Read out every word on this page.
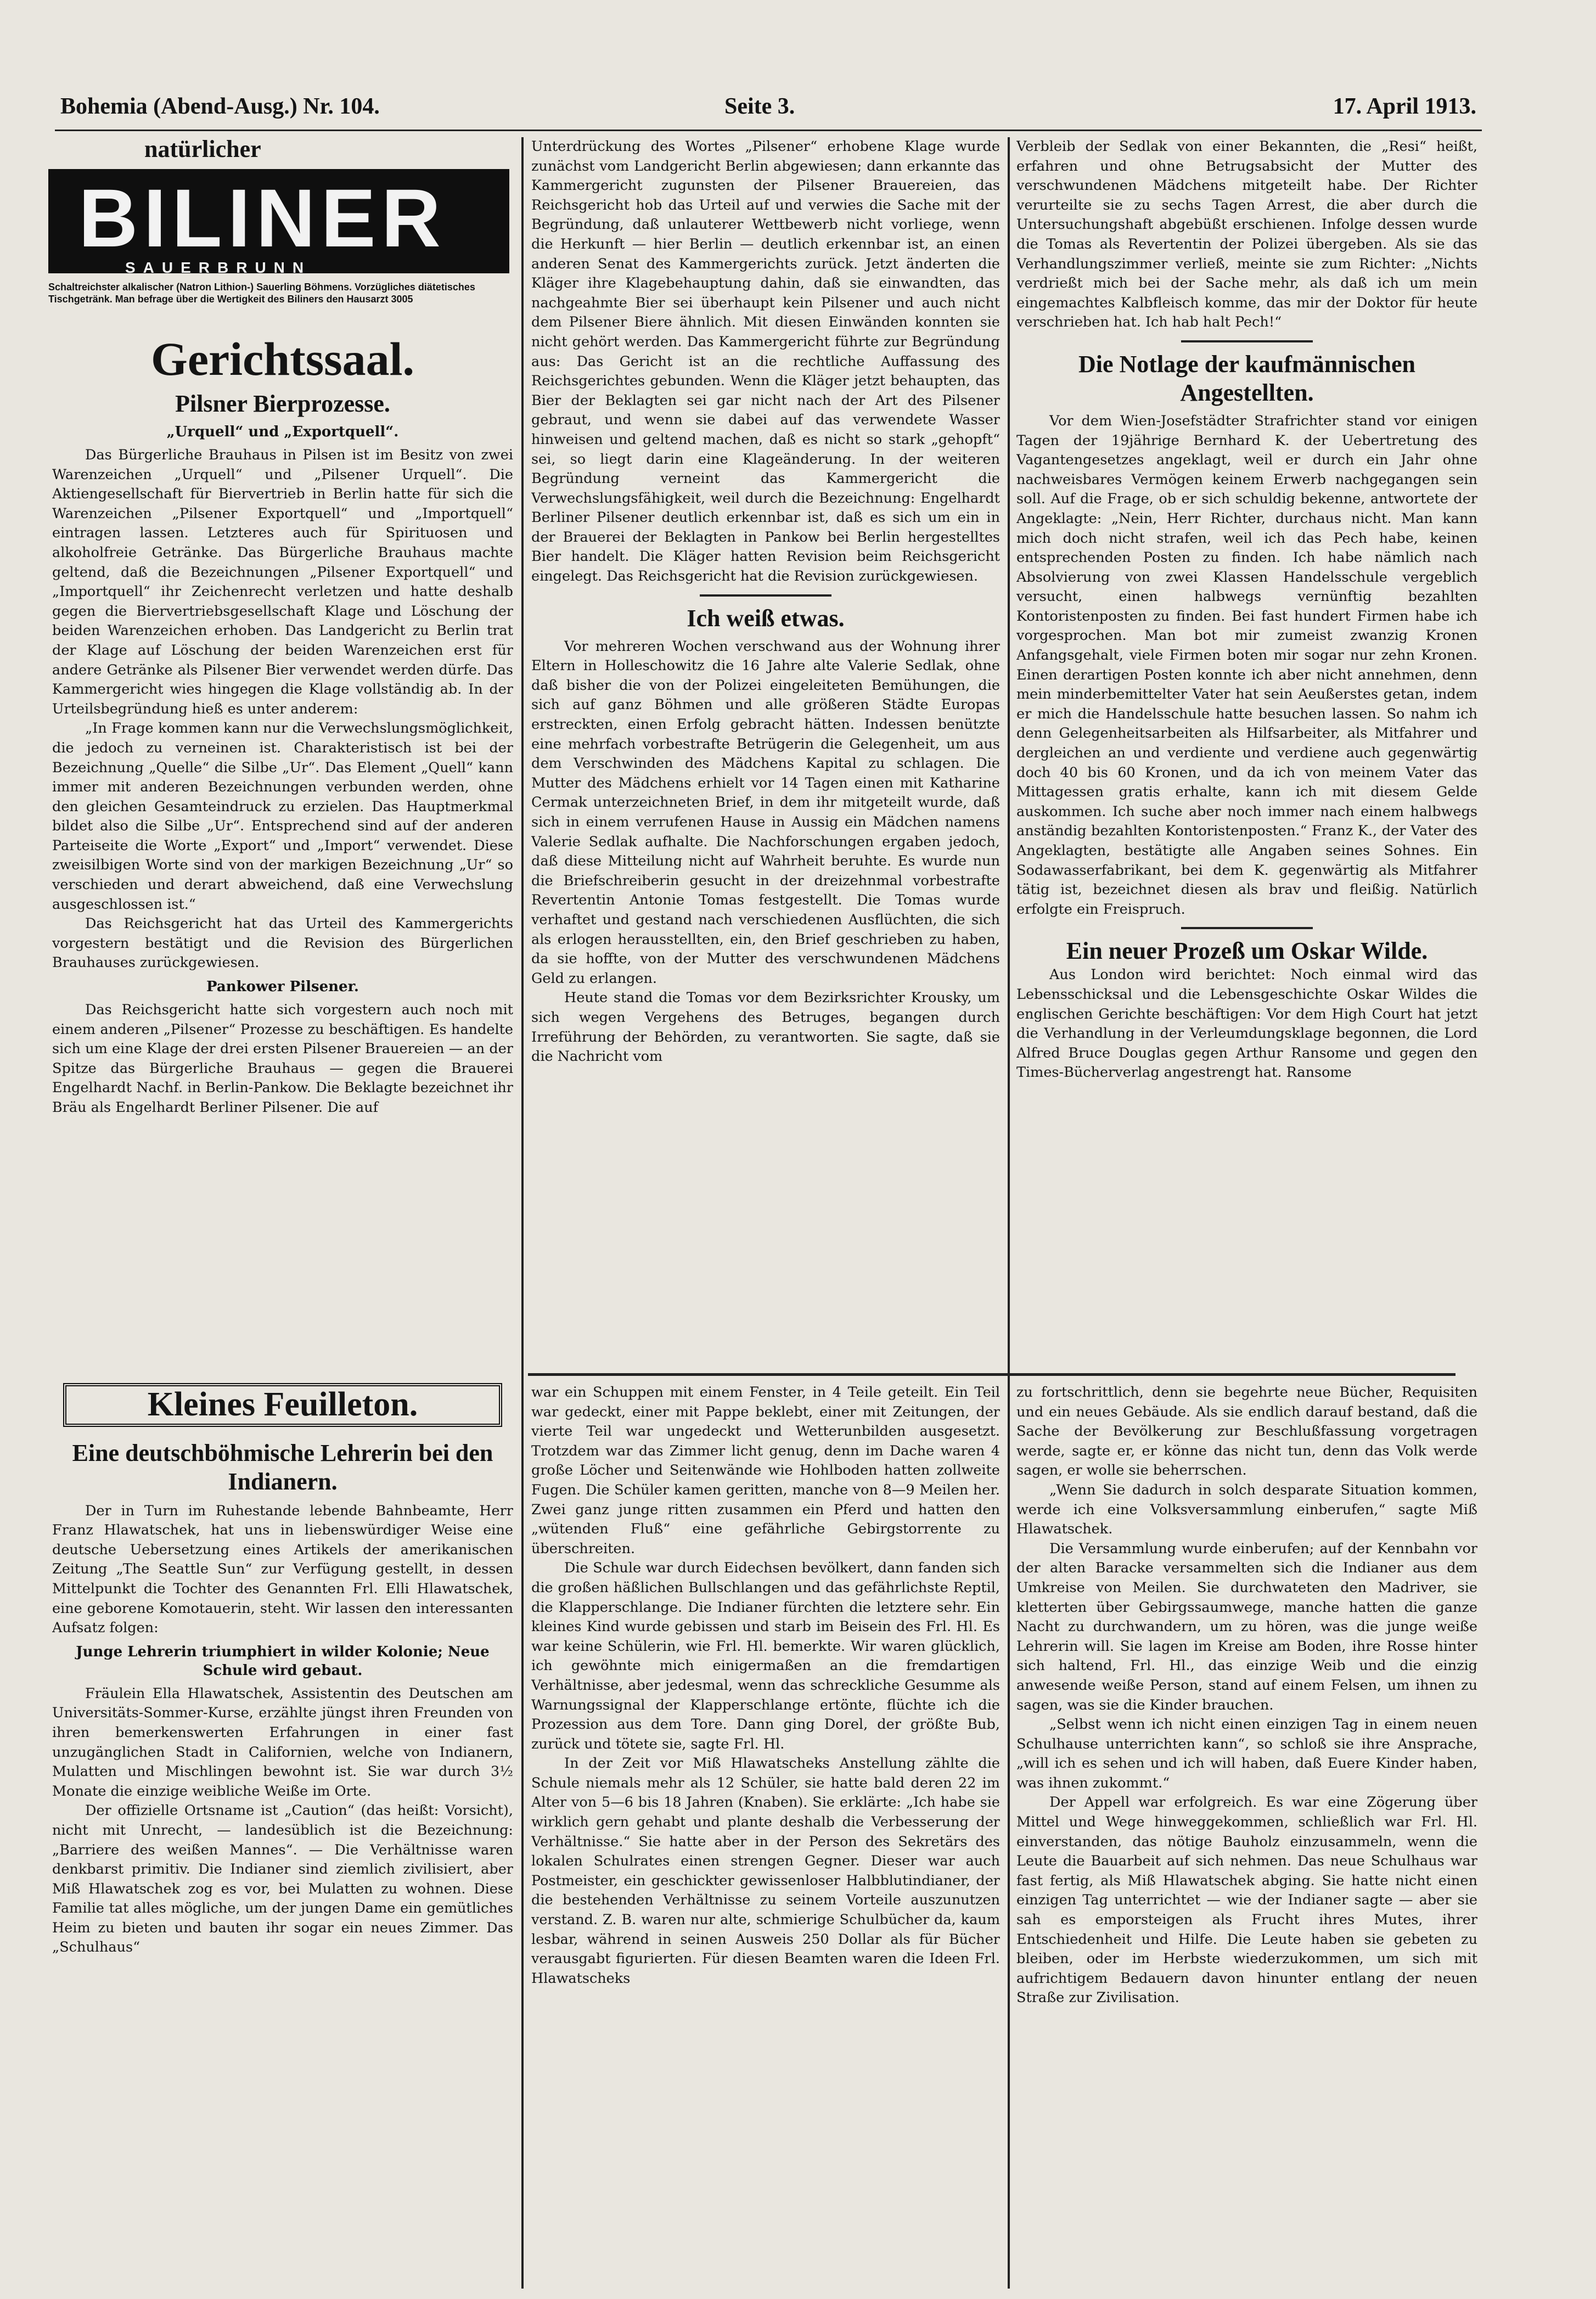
Bohemia (Abend-Ausg.) Nr. 104.	Seite 3.	17. April 1913.
natürlicher
BILINER
SAUERBRUNN
Schaltreichster alkalischer (Natron Lithion-) Sauerling Böhmens. Vorzügliches diätetisches Tischgetränk. Man befrage über die Wertigkeit des Biliners den Hausarzt 3005
Gerichtssaal.
Pilsner Bierprozesse.
„Urquell“ und „Exportquell“.

Das Bürgerliche Brauhaus in Pilsen ist im Besitz von zwei Warenzeichen „Urquell“ und „Pilsener Urquell“. Die Aktiengesellschaft für Biervertrieb in Berlin hatte für sich die Warenzeichen „Pilsener Exportquell“ und „Importquell“ eintragen lassen. Letzteres auch für Spirituosen und alkoholfreie Getränke. Das Bürgerliche Brauhaus machte geltend, daß die Bezeichnungen „Pilsener Exportquell“ und „Importquell“ ihr Zeichenrecht verletzen und hatte deshalb gegen die Biervertriebsgesellschaft Klage und Löschung der beiden Warenzeichen erhoben. Das Landgericht zu Berlin trat der Klage auf Löschung der beiden Warenzeichen erst für andere Getränke als Pilsener Bier verwendet werden dürfe. Das Kammergericht wies hingegen die Klage vollständig ab. In der Urteilsbegründung hieß es unter anderem:

„In Frage kommen kann nur die Verwechslungsmöglichkeit, die jedoch zu verneinen ist. Charakteristisch ist bei der Bezeichnung „Quelle“ die Silbe „Ur“. Das Element „Quell“ kann immer mit anderen Bezeichnungen verbunden werden, ohne den gleichen Gesamteindruck zu erzielen. Das Hauptmerkmal bildet also die Silbe „Ur“. Entsprechend sind auf der anderen Parteiseite die Worte „Export“ und „Import“ verwendet. Diese zweisilbigen Worte sind von der markigen Bezeichnung „Ur“ so verschieden und derart abweichend, daß eine Verwechslung ausgeschlossen ist.“

Das Reichsgericht hat das Urteil des Kammergerichts vorgestern bestätigt und die Revision des Bürgerlichen Brauhauses zurückgewiesen.

Pankower Pilsener.

Das Reichsgericht hatte sich vorgestern auch noch mit einem anderen „Pilsener“ Prozesse zu beschäftigen. Es handelte sich um eine Klage der drei ersten Pilsener Brauereien — an der Spitze das Bürgerliche Brauhaus — gegen die Brauerei Engelhardt Nachf. in Berlin-Pankow. Die Beklagte bezeichnet ihr Bräu als Engelhardt Berliner Pilsener. Die auf

Kleines Feuilleton.
Eine deutschböhmische Lehrerin bei den Indianern.

Der in Turn im Ruhestande lebende Bahnbeamte, Herr Franz Hlawatschek, hat uns in liebenswürdiger Weise eine deutsche Uebersetzung eines Artikels der amerikanischen Zeitung „The Seattle Sun“ zur Verfügung gestellt, in dessen Mittelpunkt die Tochter des Genannten Frl. Elli Hlawatschek, eine geborene Komotauerin, steht. Wir lassen den interessanten Aufsatz folgen:

Junge Lehrerin triumphiert in wilder Kolonie; Neue Schule wird gebaut.

Fräulein Ella Hlawatschek, Assistentin des Deutschen am Universitäts-Sommer-Kurse, erzählte jüngst ihren Freunden von ihren bemerkenswerten Erfahrungen in einer fast unzugänglichen Stadt in Californien, welche von Indianern, Mulatten und Mischlingen bewohnt ist. Sie war durch 3½ Monate die einzige weibliche Weiße im Orte.

Der offizielle Ortsname ist „Caution“ (das heißt: Vorsicht), nicht mit Unrecht, — landesüblich ist die Bezeichnung: „Barriere des weißen Mannes“. — Die Verhältnisse waren denkbarst primitiv. Die Indianer sind ziemlich zivilisiert, aber Miß Hlawatschek zog es vor, bei Mulatten zu wohnen. Diese Familie tat alles mögliche, um der jungen Dame ein gemütliches Heim zu bieten und bauten ihr sogar ein neues Zimmer. Das „Schulhaus“

Unterdrückung des Wortes „Pilsener“ erhobene Klage wurde zunächst vom Landgericht Berlin abgewiesen; dann erkannte das Kammergericht zugunsten der Pilsener Brauereien, das Reichsgericht hob das Urteil auf und verwies die Sache mit der Begründung, daß unlauterer Wettbewerb nicht vorliege, wenn die Herkunft — hier Berlin — deutlich erkennbar ist, an einen anderen Senat des Kammergerichts zurück. Jetzt änderten die Kläger ihre Klagebehauptung dahin, daß sie einwandten, das nachgeahmte Bier sei überhaupt kein Pilsener und auch nicht dem Pilsener Biere ähnlich. Mit diesen Einwänden konnten sie nicht gehört werden. Das Kammergericht führte zur Begründung aus: Das Gericht ist an die rechtliche Auffassung des Reichsgerichtes gebunden. Wenn die Kläger jetzt behaupten, das Bier der Beklagten sei gar nicht nach der Art des Pilsener gebraut, und wenn sie dabei auf das verwendete Wasser hinweisen und geltend machen, daß es nicht so stark „gehopft“ sei, so liegt darin eine Klageänderung. In der weiteren Begründung verneint das Kammergericht die Verwechslungsfähigkeit, weil durch die Bezeichnung: Engelhardt Berliner Pilsener deutlich erkennbar ist, daß es sich um ein in der Brauerei der Beklagten in Pankow bei Berlin hergestelltes Bier handelt. Die Kläger hatten Revision beim Reichsgericht eingelegt. Das Reichsgericht hat die Revision zurückgewiesen.

Ich weiß etwas.

Vor mehreren Wochen verschwand aus der Wohnung ihrer Eltern in Holleschowitz die 16 Jahre alte Valerie Sedlak, ohne daß bisher die von der Polizei eingeleiteten Bemühungen, die sich auf ganz Böhmen und alle größeren Städte Europas erstreckten, einen Erfolg gebracht hätten. Indessen benützte eine mehrfach vorbestrafte Betrügerin die Gelegenheit, um aus dem Verschwinden des Mädchens Kapital zu schlagen. Die Mutter des Mädchens erhielt vor 14 Tagen einen mit Katharine Cermak unterzeichneten Brief, in dem ihr mitgeteilt wurde, daß sich in einem verrufenen Hause in Aussig ein Mädchen namens Valerie Sedlak aufhalte. Die Nachforschungen ergaben jedoch, daß diese Mitteilung nicht auf Wahrheit beruhte. Es wurde nun die Briefschreiberin gesucht in der dreizehnmal vorbestrafte Revertentin Antonie Tomas festgestellt. Die Tomas wurde verhaftet und gestand nach verschiedenen Ausflüchten, die sich als erlogen herausstellten, ein, den Brief geschrieben zu haben, da sie hoffte, von der Mutter des verschwundenen Mädchens Geld zu erlangen.

Heute stand die Tomas vor dem Bezirksrichter Krousky, um sich wegen Vergehens des Betruges, begangen durch Irreführung der Behörden, zu verantworten. Sie sagte, daß sie die Nachricht vom

war ein Schuppen mit einem Fenster, in 4 Teile geteilt. Ein Teil war gedeckt, einer mit Pappe beklebt, einer mit Zeitungen, der vierte Teil war ungedeckt und Wetterunbilden ausgesetzt. Trotzdem war das Zimmer licht genug, denn im Dache waren 4 große Löcher und Seitenwände wie Hohlboden hatten zollweite Fugen. Die Schüler kamen geritten, manche von 8—9 Meilen her. Zwei ganz junge ritten zusammen ein Pferd und hatten den „wütenden Fluß“ eine gefährliche Gebirgstorrente zu überschreiten.

Die Schule war durch Eidechsen bevölkert, dann fanden sich die großen häßlichen Bullschlangen und das gefährlichste Reptil, die Klapperschlange. Die Indianer fürchten die letztere sehr. Ein kleines Kind wurde gebissen und starb im Beisein des Frl. Hl. Es war keine Schülerin, wie Frl. Hl. bemerkte. Wir waren glücklich, ich gewöhnte mich einigermaßen an die fremdartigen Verhältnisse, aber jedesmal, wenn das schreckliche Gesumme als Warnungssignal der Klapperschlange ertönte, flüchte ich die Prozession aus dem Tore. Dann ging Dorel, der größte Bub, zurück und tötete sie, sagte Frl. Hl.

In der Zeit vor Miß Hlawatscheks Anstellung zählte die Schule niemals mehr als 12 Schüler, sie hatte bald deren 22 im Alter von 5—6 bis 18 Jahren (Knaben). Sie erklärte: „Ich habe sie wirklich gern gehabt und plante deshalb die Verbesserung der Verhältnisse.“ Sie hatte aber in der Person des Sekretärs des lokalen Schulrates einen strengen Gegner. Dieser war auch Postmeister, ein geschickter gewissenloser Halbblutindianer, der die bestehenden Verhältnisse zu seinem Vorteile auszunutzen verstand. Z. B. waren nur alte, schmierige Schulbücher da, kaum lesbar, während in seinen Ausweis 250 Dollar als für Bücher verausgabt figurierten. Für diesen Beamten waren die Ideen Frl. Hlawatscheks

Verbleib der Sedlak von einer Bekannten, die „Resi“ heißt, erfahren und ohne Betrugsabsicht der Mutter des verschwundenen Mädchens mitgeteilt habe. Der Richter verurteilte sie zu sechs Tagen Arrest, die aber durch die Untersuchungshaft abgebüßt erschienen. Infolge dessen wurde die Tomas als Revertentin der Polizei übergeben. Als sie das Verhandlungszimmer verließ, meinte sie zum Richter: „Nichts verdrießt mich bei der Sache mehr, als daß ich um mein eingemachtes Kalbfleisch komme, das mir der Doktor für heute verschrieben hat. Ich hab halt Pech!“

Die Notlage der kaufmännischen Angestellten.

Vor dem Wien-Josefstädter Strafrichter stand vor einigen Tagen der 19jährige Bernhard K. der Uebertretung des Vagantengesetzes angeklagt, weil er durch ein Jahr ohne nachweisbares Vermögen keinem Erwerb nachgegangen sein soll. Auf die Frage, ob er sich schuldig bekenne, antwortete der Angeklagte: „Nein, Herr Richter, durchaus nicht. Man kann mich doch nicht strafen, weil ich das Pech habe, keinen entsprechenden Posten zu finden. Ich habe nämlich nach Absolvierung von zwei Klassen Handelsschule vergeblich versucht, einen halbwegs vernünftig bezahlten Kontoristenposten zu finden. Bei fast hundert Firmen habe ich vorgesprochen. Man bot mir zumeist zwanzig Kronen Anfangsgehalt, viele Firmen boten mir sogar nur zehn Kronen. Einen derartigen Posten konnte ich aber nicht annehmen, denn mein minderbemittelter Vater hat sein Aeußerstes getan, indem er mich die Handelsschule hatte besuchen lassen. So nahm ich denn Gelegenheitsarbeiten als Hilfsarbeiter, als Mitfahrer und dergleichen an und verdiente und verdiene auch gegenwärtig doch 40 bis 60 Kronen, und da ich von meinem Vater das Mittagessen gratis erhalte, kann ich mit diesem Gelde auskommen. Ich suche aber noch immer nach einem halbwegs anständig bezahlten Kontoristenposten.“ Franz K., der Vater des Angeklagten, bestätigte alle Angaben seines Sohnes. Ein Sodawasserfabrikant, bei dem K. gegenwärtig als Mitfahrer tätig ist, bezeichnet diesen als brav und fleißig. Natürlich erfolgte ein Freispruch.

Ein neuer Prozeß um Oskar Wilde.

Aus London wird berichtet: Noch einmal wird das Lebensschicksal und die Lebensgeschichte Oskar Wildes die englischen Gerichte beschäftigen: Vor dem High Court hat jetzt die Verhandlung in der Verleumdungsklage begonnen, die Lord Alfred Bruce Douglas gegen Arthur Ransome und gegen den Times-Bücherverlag angestrengt hat. Ransome

zu fortschrittlich, denn sie begehrte neue Bücher, Requisiten und ein neues Gebäude. Als sie endlich darauf bestand, daß die Sache der Bevölkerung zur Beschlußfassung vorgetragen werde, sagte er, er könne das nicht tun, denn das Volk werde sagen, er wolle sie beherrschen.

„Wenn Sie dadurch in solch desparate Situation kommen, werde ich eine Volksversammlung einberufen,“ sagte Miß Hlawatschek.

Die Versammlung wurde einberufen; auf der Kennbahn vor der alten Baracke versammelten sich die Indianer aus dem Umkreise von Meilen. Sie durchwateten den Madriver, sie kletterten über Gebirgssaumwege, manche hatten die ganze Nacht zu durchwandern, um zu hören, was die junge weiße Lehrerin will. Sie lagen im Kreise am Boden, ihre Rosse hinter sich haltend, Frl. Hl., das einzige Weib und die einzig anwesende weiße Person, stand auf einem Felsen, um ihnen zu sagen, was sie die Kinder brauchen.

„Selbst wenn ich nicht einen einzigen Tag in einem neuen Schulhause unterrichten kann“, so schloß sie ihre Ansprache, „will ich es sehen und ich will haben, daß Euere Kinder haben, was ihnen zukommt.“

Der Appell war erfolgreich. Es war eine Zögerung über Mittel und Wege hinweggekommen, schließlich war Frl. Hl. einverstanden, das nötige Bauholz einzusammeln, wenn die Leute die Bauarbeit auf sich nehmen. Das neue Schulhaus war fast fertig, als Miß Hlawatschek abging. Sie hatte nicht einen einzigen Tag unterrichtet — wie der Indianer sagte — aber sie sah es emporsteigen als Frucht ihres Mutes, ihrer Entschiedenheit und Hilfe. Die Leute haben sie gebeten zu bleiben, oder im Herbste wiederzukommen, um sich mit aufrichtigem Bedauern davon hinunter entlang der neuen Straße zur Zivilisation.
